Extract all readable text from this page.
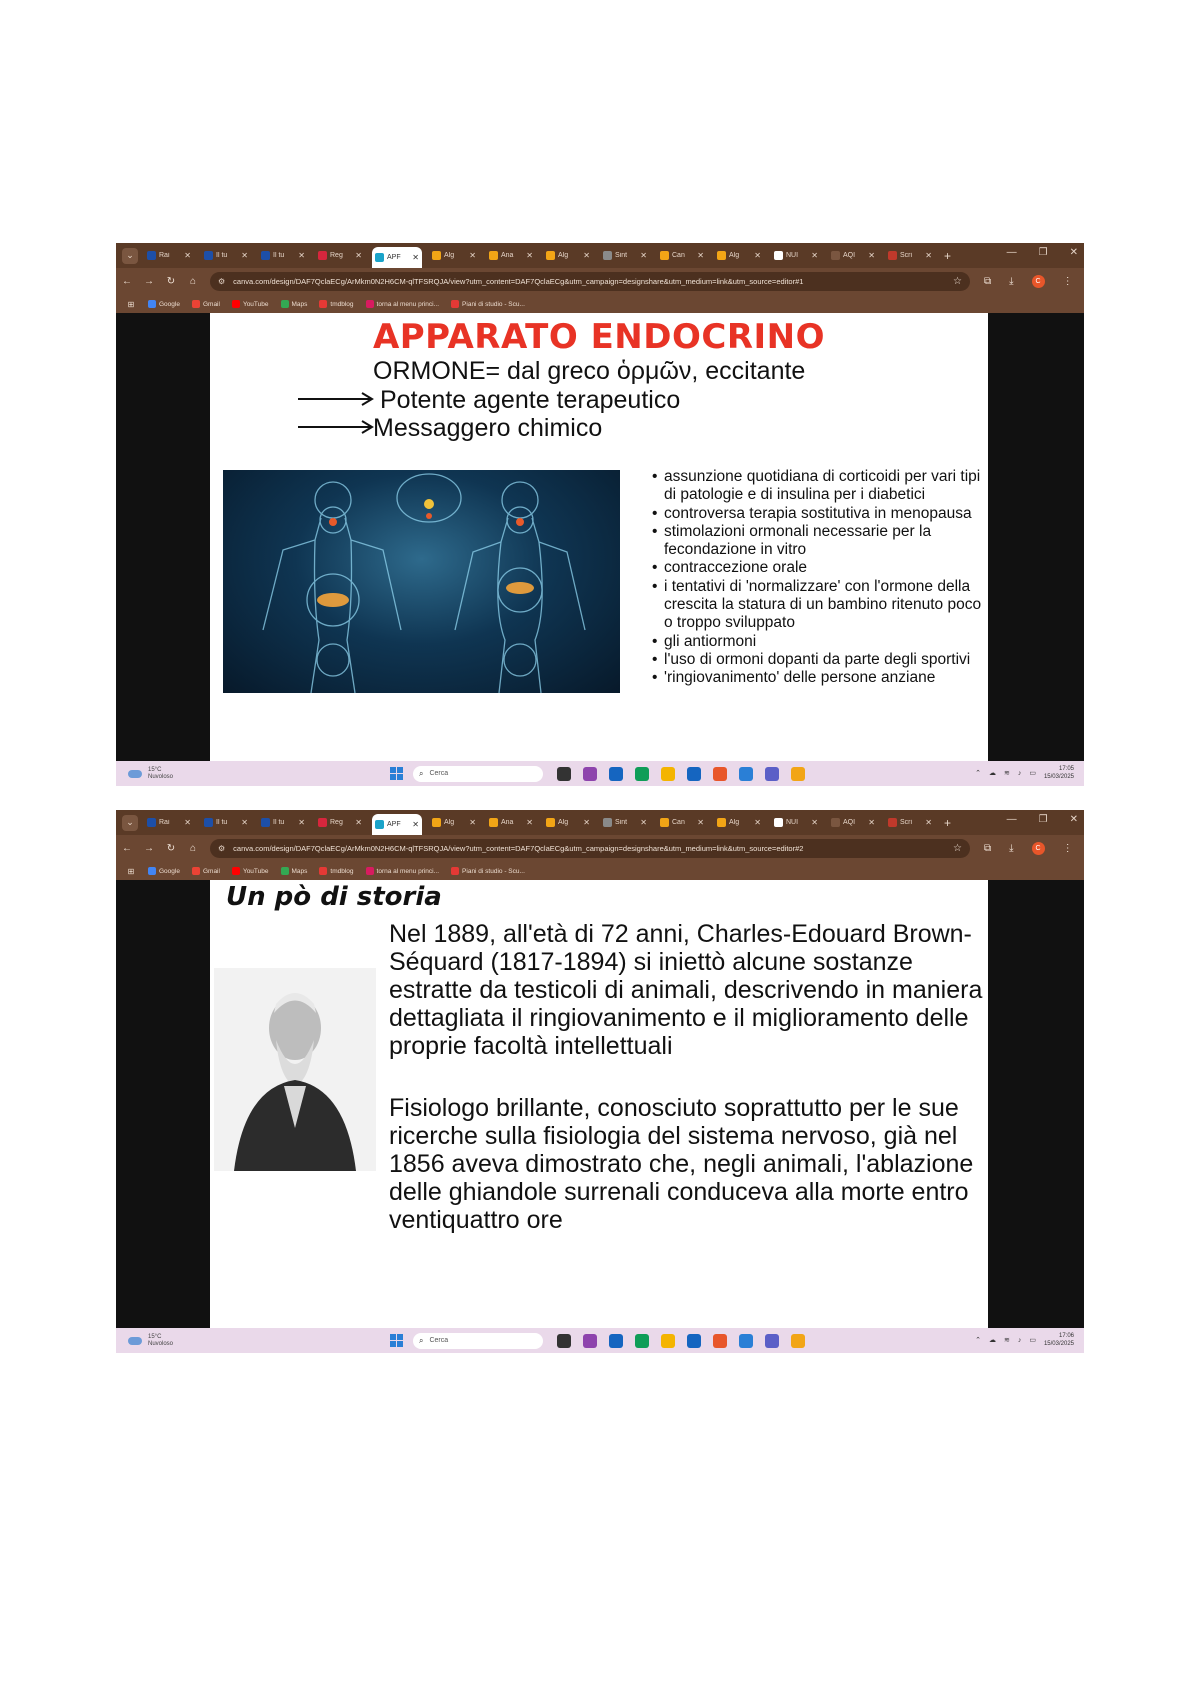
⌄	Rai	✕	Il tu	✕	Il tu	✕	Reg	✕	APF	✕	Alg	✕	Ana	✕	Alg	✕	Sint	✕	Can	✕	Alg	✕	NUI	✕	AQI	✕	Scri	✕ +	— ❐ ✕
←	→	↻	⌂	⚙ canva.com/design/DAF7QclaECg/ArMkm0N2H6CM-qlTFSRQJA/view?utm_content=DAF7QclaECg&utm_campaign=designshare&utm_medium=link&utm_source=editor#1	☆ ⧉ ⤓	C	⋮
⊞	Google	Gmail	YouTube	Maps	tmdblog	torna al menu princi...	Piani di studio - Scu...
APPARATO ENDOCRINO
ORMONE= dal greco ὁρμῶν, eccitante
Potente agente terapeutico
Messaggero chimico
• assunzione quotidiana di corticoidi per vari tipi di patologie e di insulina per i diabetici
• controversa terapia sostitutiva in menopausa
• stimolazioni ormonali necessarie per la fecondazione in vitro
• contraccezione orale
• i tentativi di 'normalizzare' con l'ormone della crescita la statura di un bambino ritenuto poco o troppo sviluppato
• gli antiormoni
• l'uso di ormoni dopanti da parte degli sportivi
• 'ringiovanimento' delle persone anziane
15°C
Nuvoloso	⌕ Cerca	⌃ ☁ ≋ ♪ ▭
17:05
15/03/2025
⌄	Rai	✕	Il tu	✕	Il tu	✕	Reg	✕	APF	✕	Alg	✕	Ana	✕	Alg	✕	Sint	✕	Can	✕	Alg	✕	NUI	✕	AQI	✕	Scri	✕ +	— ❐ ✕
←	→	↻	⌂	⚙ canva.com/design/DAF7QclaECg/ArMkm0N2H6CM-qlTFSRQJA/view?utm_content=DAF7QclaECg&utm_campaign=designshare&utm_medium=link&utm_source=editor#2	☆ ⧉ ⤓	C	⋮
⊞	Google	Gmail	YouTube	Maps	tmdblog	torna al menu princi...	Piani di studio - Scu...
Un pò di storia

Nel 1889, all'età di 72 anni, Charles-Edouard Brown-Séquard (1817-1894) si iniettò alcune sostanze estratte da testicoli di animali, descrivendo in maniera dettagliata il ringiovanimento e il miglioramento delle proprie facoltà intellettuali

Fisiologo brillante, conosciuto soprattutto per le sue ricerche sulla fisiologia del sistema nervoso, già nel 1856 aveva dimostrato che, negli animali, l'ablazione delle ghiandole surrenali conduceva alla morte entro ventiquattro ore

15°C
Nuvoloso	⌕ Cerca	⌃ ☁ ≋ ♪ ▭
17:06
15/03/2025
